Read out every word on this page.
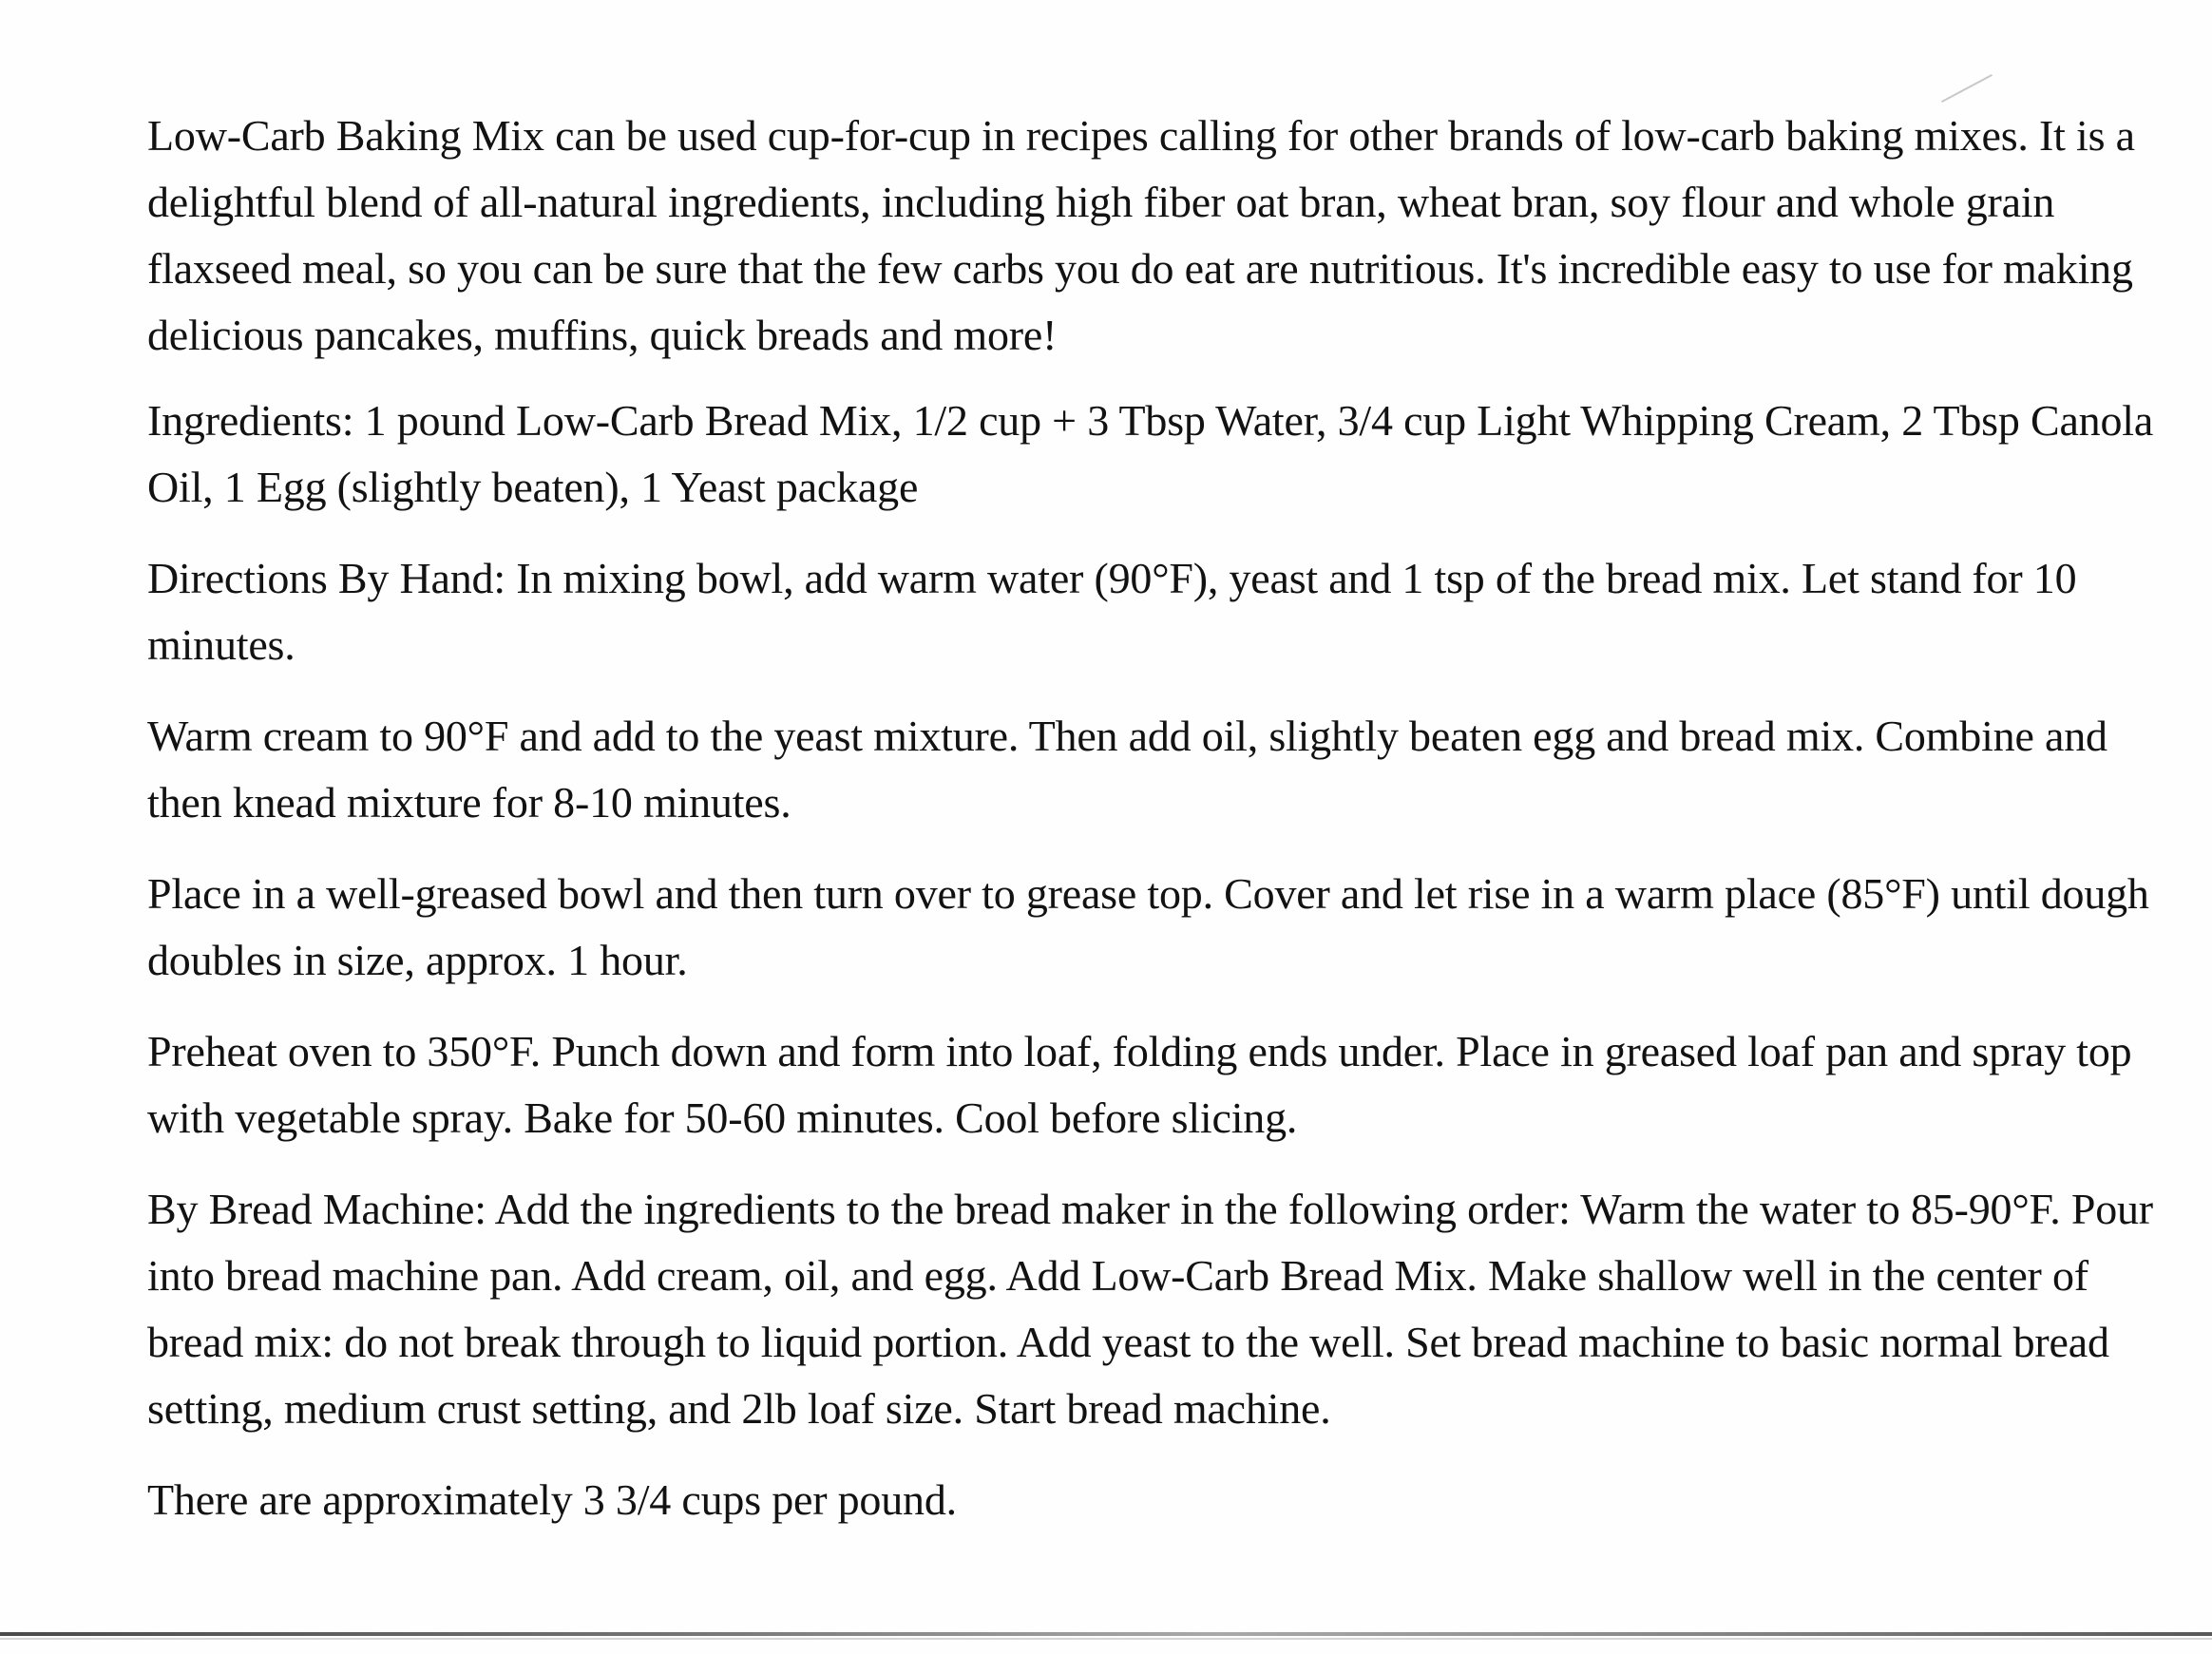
Low-Carb Baking Mix can be used cup-for-cup in recipes calling for other brands of low-carb baking mixes. It is a delightful blend of all-natural ingredients, including high fiber oat bran, wheat bran, soy flour and whole grain flaxseed meal, so you can be sure that the few carbs you do eat are nutritious. It's incredible easy to use for making delicious pancakes, muffins, quick breads and more!

Ingredients: 1 pound Low-Carb Bread Mix, 1/2 cup + 3 Tbsp Water, 3/4 cup Light Whipping Cream, 2 Tbsp Canola Oil, 1 Egg (slightly beaten), 1 Yeast package

Directions By Hand: In mixing bowl, add warm water (90°F), yeast and 1 tsp of the bread mix. Let stand for 10 minutes.

Warm cream to 90°F and add to the yeast mixture. Then add oil, slightly beaten egg and bread mix. Combine and then knead mixture for 8-10 minutes.

Place in a well-greased bowl and then turn over to grease top. Cover and let rise in a warm place (85°F) until dough doubles in size, approx. 1 hour.

Preheat oven to 350°F. Punch down and form into loaf, folding ends under. Place in greased loaf pan and spray top with vegetable spray. Bake for 50-60 minutes. Cool before slicing.

By Bread Machine: Add the ingredients to the bread maker in the following order: Warm the water to 85-90°F. Pour into bread machine pan. Add cream, oil, and egg. Add Low-Carb Bread Mix. Make shallow well in the center of bread mix: do not break through to liquid portion. Add yeast to the well. Set bread machine to basic normal bread setting, medium crust setting, and 2lb loaf size. Start bread machine.

There are approximately 3 3/4 cups per pound.
